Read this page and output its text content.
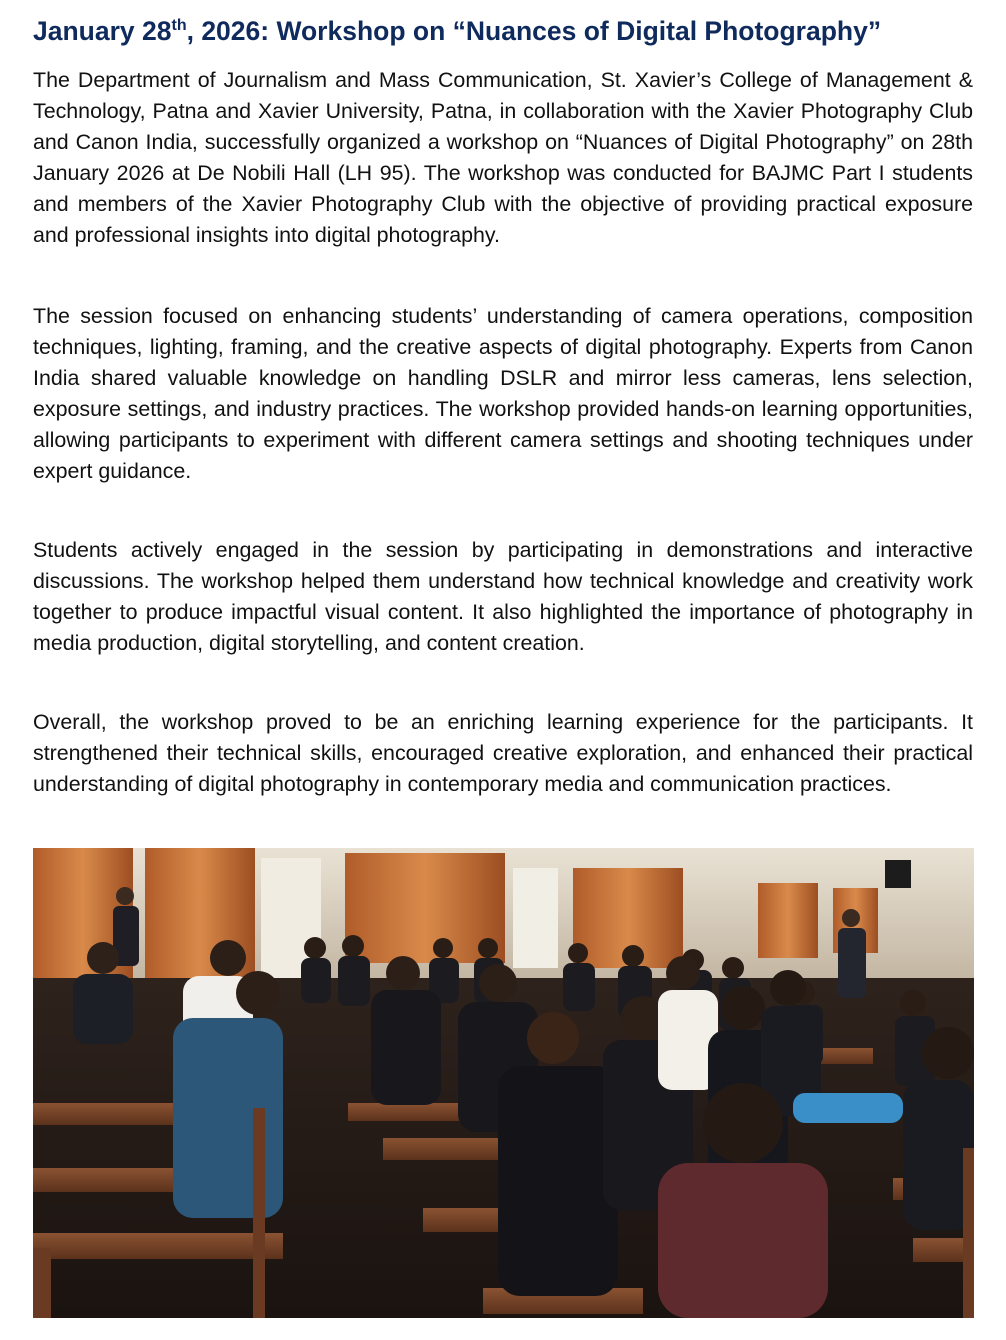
January 28th, 2026: Workshop on “Nuances of Digital Photography”

The Department of Journalism and Mass Communication, St. Xavier’s College of Management & Technology, Patna and Xavier University, Patna, in collaboration with the Xavier Photography Club and Canon India, successfully organized a workshop on “Nuances of Digital Photography” on 28th January 2026 at De Nobili Hall (LH 95). The workshop was conducted for BAJMC Part I students and members of the Xavier Photography Club with the objective of providing practical exposure and professional insights into digital photography.

The session focused on enhancing students’ understanding of camera operations, composition techniques, lighting, framing, and the creative aspects of digital photography. Experts from Canon India shared valuable knowledge on handling DSLR and mirror less cameras, lens selection, exposure settings, and industry practices. The workshop provided hands-on learning opportunities, allowing participants to experiment with different camera settings and shooting techniques under expert guidance.

Students actively engaged in the session by participating in demonstrations and interactive discussions. The workshop helped them understand how technical knowledge and creativity work together to produce impactful visual content. It also highlighted the importance of photography in media production, digital storytelling, and content creation.

Overall, the workshop proved to be an enriching learning experience for the participants. It strengthened their technical skills, encouraged creative exploration, and enhanced their practical understanding of digital photography in contemporary media and communication practices.
